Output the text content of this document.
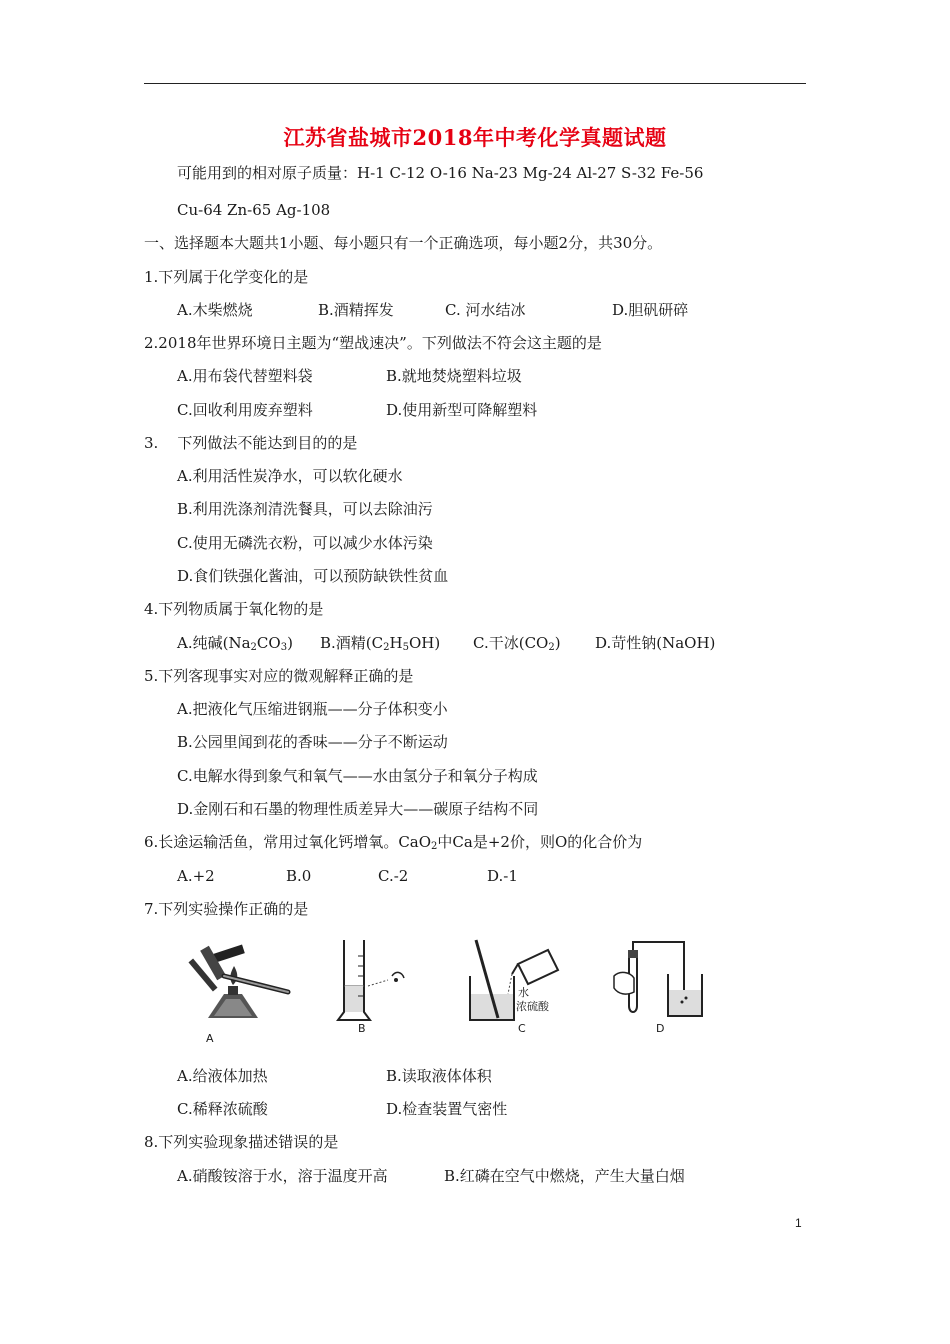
江苏省盐城市2018年中考化学真题试题
可能用到的相对原子质量：H-1 C-12 O-16 Na-23 Mg-24 Al-27 S-32 Fe-56
Cu-64 Zn-65 Ag-108
一、选择题本大题共1小题、每小题只有一个正确选项，每小题2分，共30分。
1.下列属于化学变化的是
A.木柴燃烧	B.酒精挥发	C. 河水结冰	D.胆矾研碎
2.2018年世界环境日主题为“塑战速决”。下列做法不符会这主题的是
A.用布袋代替塑料袋	B.就地焚烧塑料垃圾
C.回收利用废弃塑料	D.使用新型可降解塑料
3.    下列做法不能达到目的的是
A.利用活性炭净水，可以软化硬水
B.利用洗涤剂清洗餐具，可以去除油污
C.使用无磷洗衣粉，可以减少水体污染
D.食们铁强化酱油，可以预防缺铁性贫血
4.下列物质属于氧化物的是
A.纯碱$(Na_2CO_3)$ B.酒精$(C_2H_5OH)$ C.干冰$(CO_2)$ D.苛性钠(NaOH)
5.下列客现事实对应的微观解释正确的是
A.把液化气压缩进钢瓶——分子体积变小
B.公园里闻到花的香味——分子不断运动
C.电解水得到象气和氧气——水由氢分子和氧分子构成
D.金刚石和石墨的物理性质差异大——碳原子结构不同
6.长途运输活鱼，常用过氧化钙增氧。CaO$_2$中Ca是+2价，则O的化合价为
A.+2	B.0	C.-2	D.-1
7.下列实验操作正确的是
A
B
水
浓硫酸
C	D
A.给液体加热	B.读取液体体积
C.稀释浓硫酸	D.检查装置气密性
8.下列实验现象描述错误的是
A.硝酸铵溶于水，溶于温度开高	B.红磷在空气中燃烧，产生大量白烟
1
